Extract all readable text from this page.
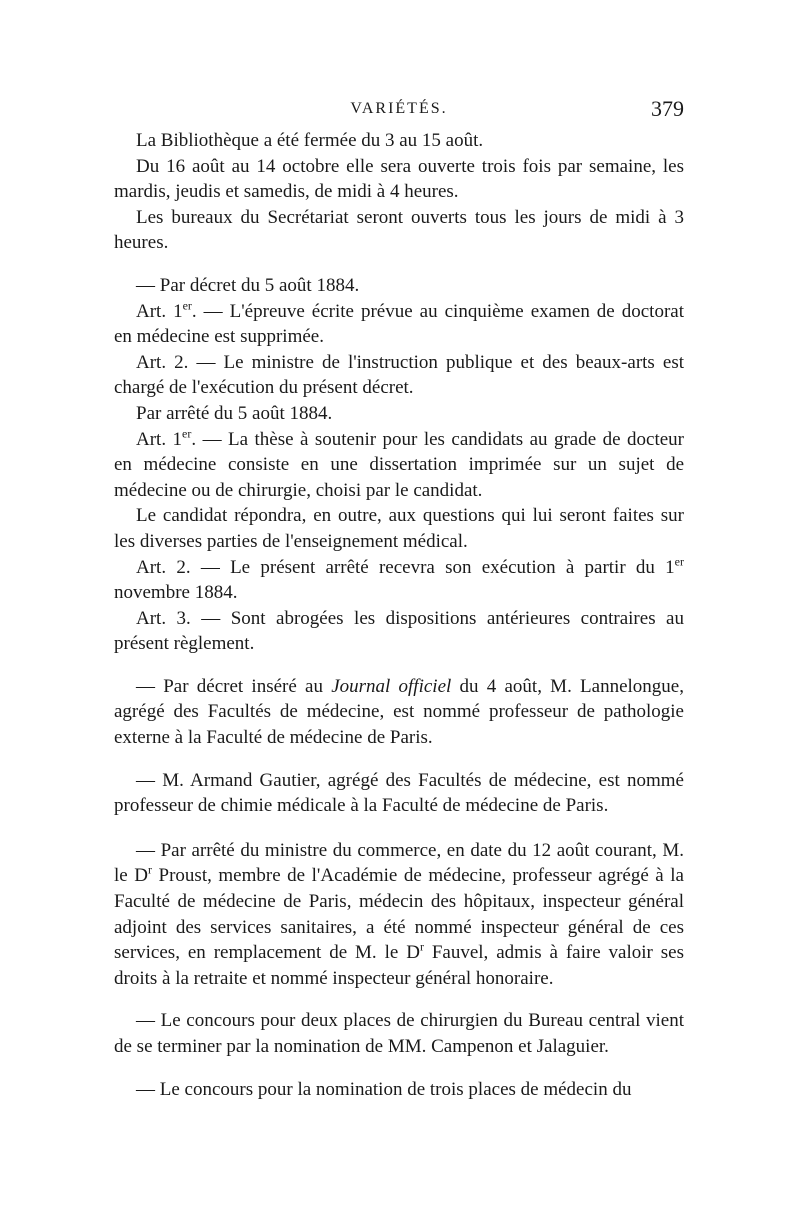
VARIÉTÉS.	379

La Bibliothèque a été fermée du 3 au 15 août.

Du 16 août au 14 octobre elle sera ouverte trois fois par semaine, les mardis, jeudis et samedis, de midi à 4 heures.

Les bureaux du Secrétariat seront ouverts tous les jours de midi à 3 heures.

— Par décret du 5 août 1884.

Art. 1er. — L'épreuve écrite prévue au cinquième examen de doctorat en médecine est supprimée.

Art. 2. — Le ministre de l'instruction publique et des beaux-arts est chargé de l'exécution du présent décret.

Par arrêté du 5 août 1884.

Art. 1er. — La thèse à soutenir pour les candidats au grade de docteur en médecine consiste en une dissertation imprimée sur un sujet de médecine ou de chirurgie, choisi par le candidat.

Le candidat répondra, en outre, aux questions qui lui seront faites sur les diverses parties de l'enseignement médical.

Art. 2. — Le présent arrêté recevra son exécution à partir du 1er novembre 1884.

Art. 3. — Sont abrogées les dispositions antérieures contraires au présent règlement.

— Par décret inséré au Journal officiel du 4 août, M. Lannelongue, agrégé des Facultés de médecine, est nommé professeur de pathologie externe à la Faculté de médecine de Paris.

— M. Armand Gautier, agrégé des Facultés de médecine, est nommé professeur de chimie médicale à la Faculté de médecine de Paris.

— Par arrêté du ministre du commerce, en date du 12 août courant, M. le $D^r$ Proust, membre de l'Académie de médecine, professeur agrégé à la Faculté de médecine de Paris, médecin des hôpitaux, inspecteur général adjoint des services sanitaires, a été nommé inspecteur général de ces services, en remplacement de M. le $D^r$ Fauvel, admis à faire valoir ses droits à la retraite et nommé inspecteur général honoraire.

— Le concours pour deux places de chirurgien du Bureau central vient de se terminer par la nomination de MM. Campenon et Jalaguier.

— Le concours pour la nomination de trois places de médecin du
